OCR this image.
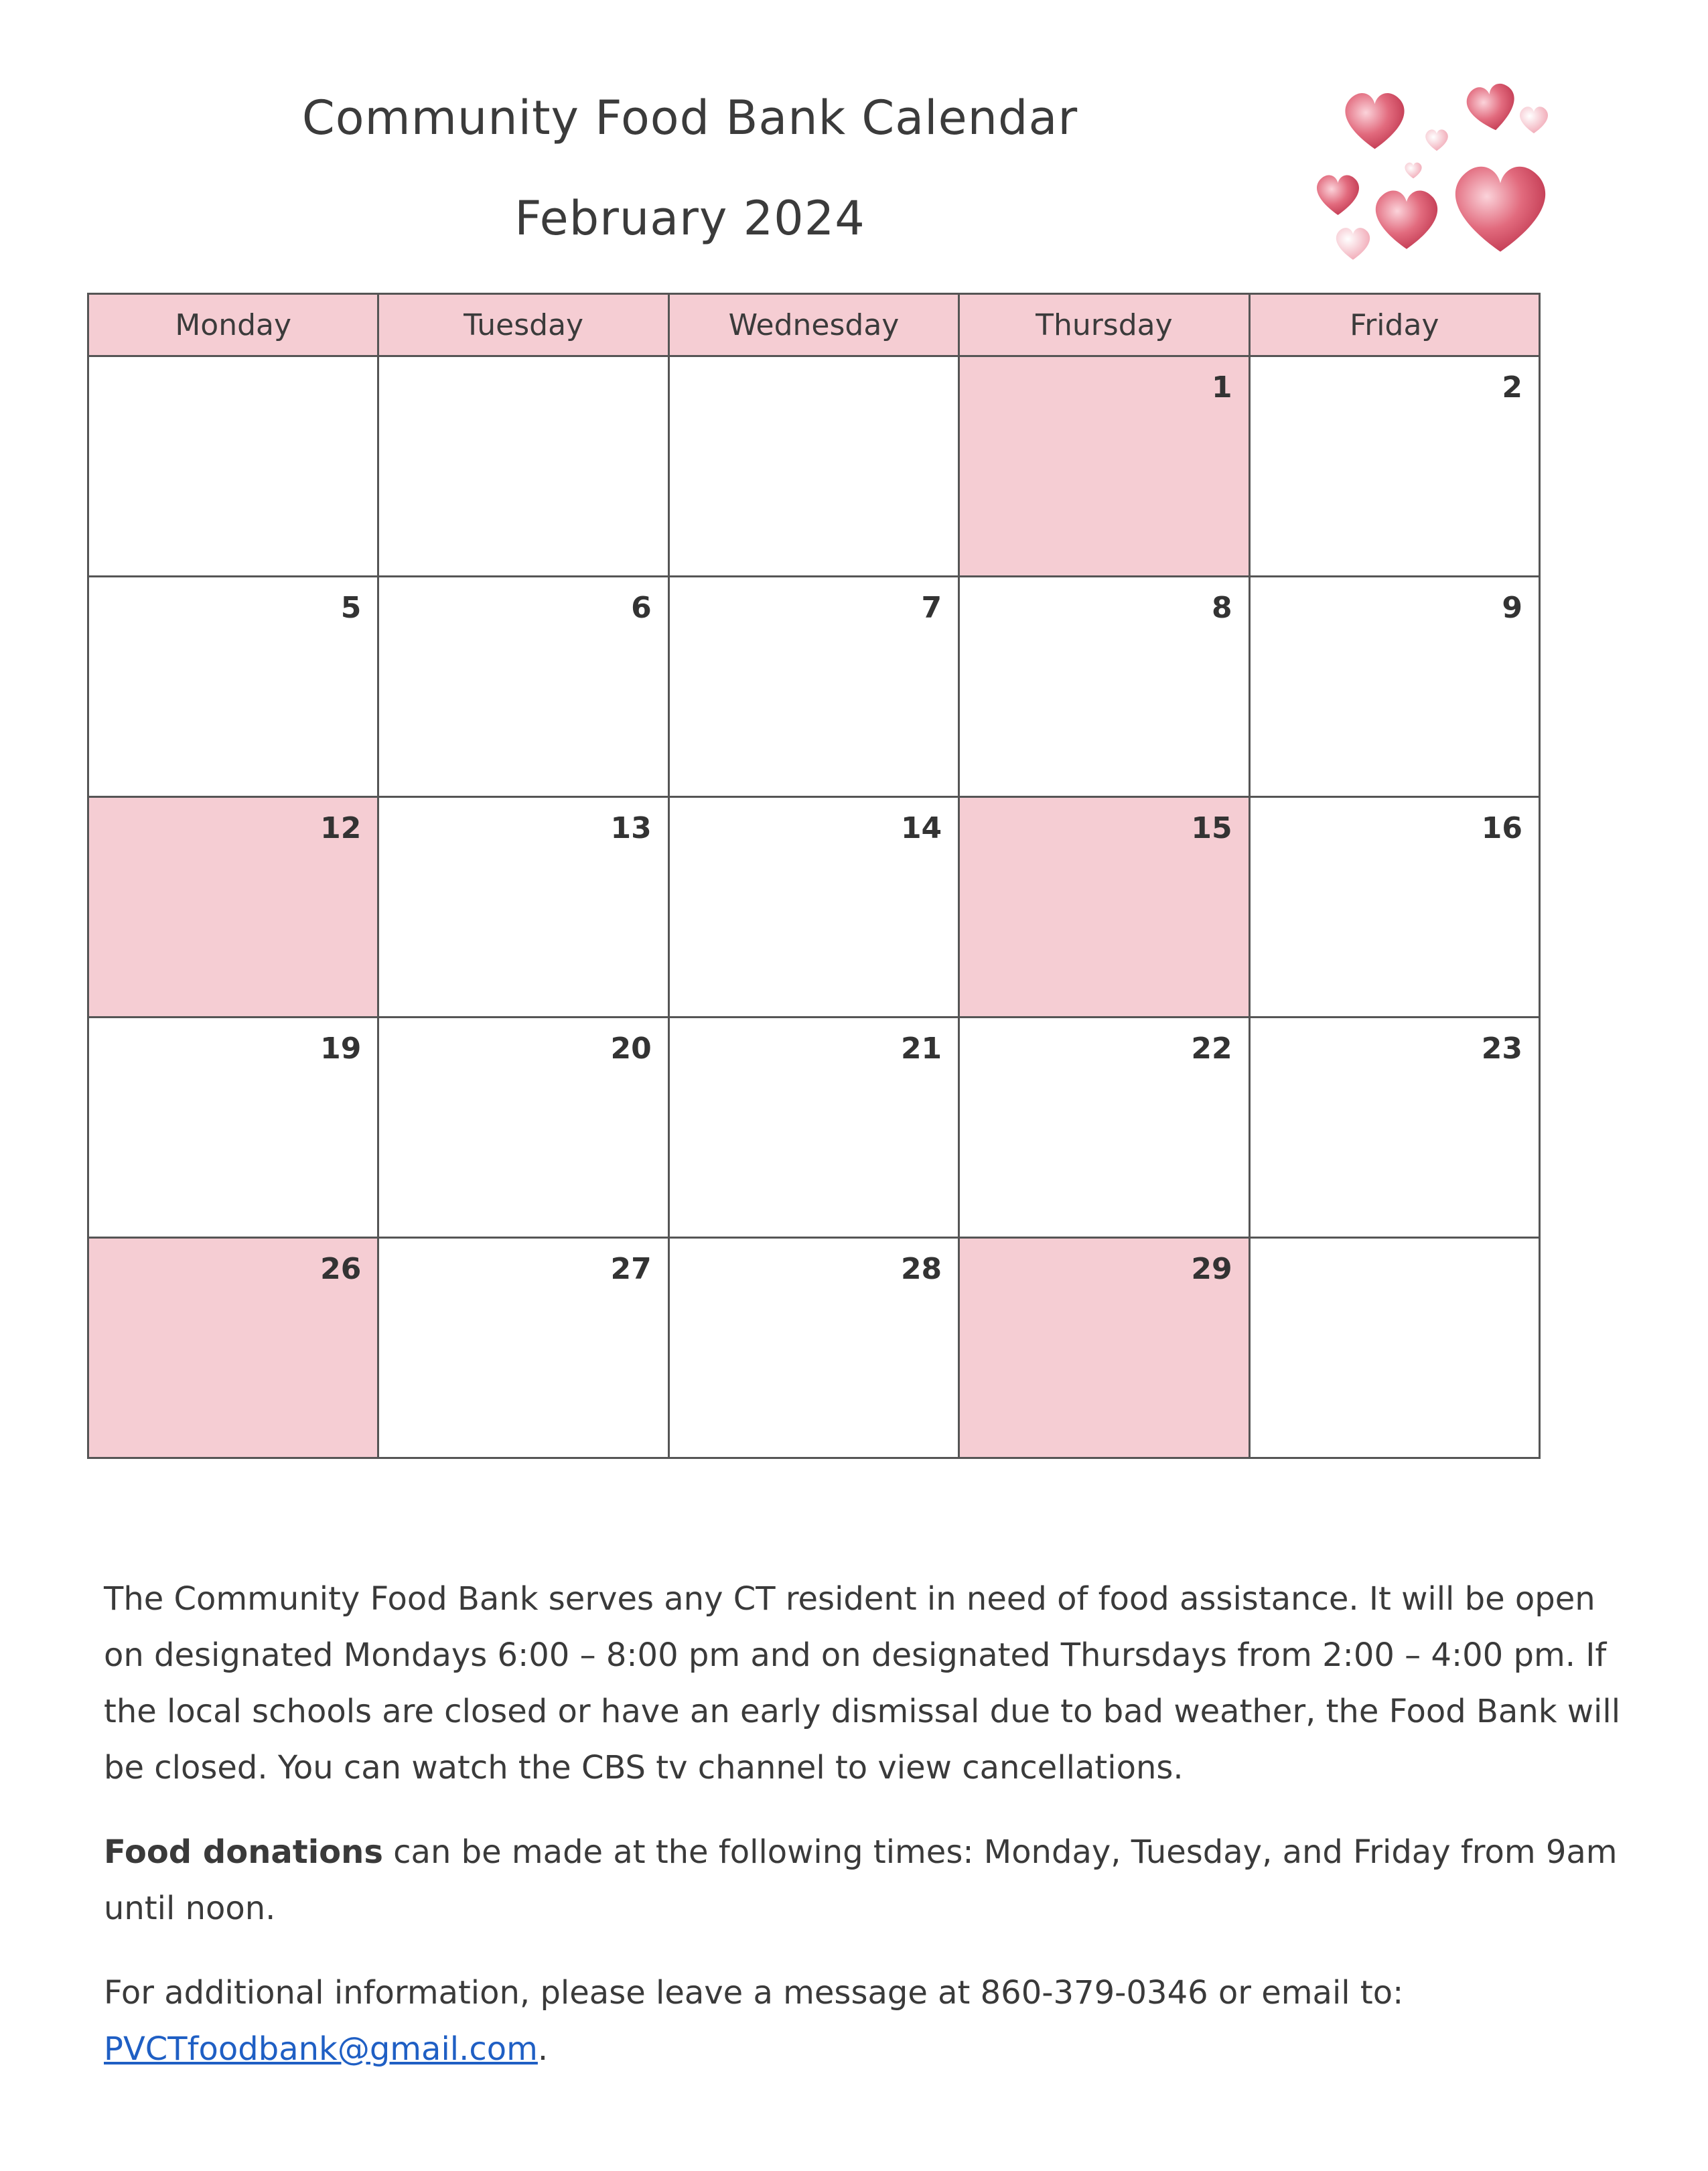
Community Food Bank Calendar
February 2024
Monday	Tuesday	Wednesday	Thursday	Friday
			1	2
5	6	7	8	9
12	13	14	15	16
19	20	21	22	23
26	27	28	29	

The Community Food Bank serves any CT resident in need of food assistance. It will be open on designated Mondays 6:00 – 8:00 pm and on designated Thursdays from 2:00 – 4:00 pm. If the local schools are closed or have an early dismissal due to bad weather, the Food Bank will be closed. You can watch the CBS tv channel to view cancellations.

Food donations can be made at the following times: Monday, Tuesday, and Friday from 9am until noon.

For additional information, please leave a message at 860-379-0346 or email to: PVCTfoodbank@gmail.com.
